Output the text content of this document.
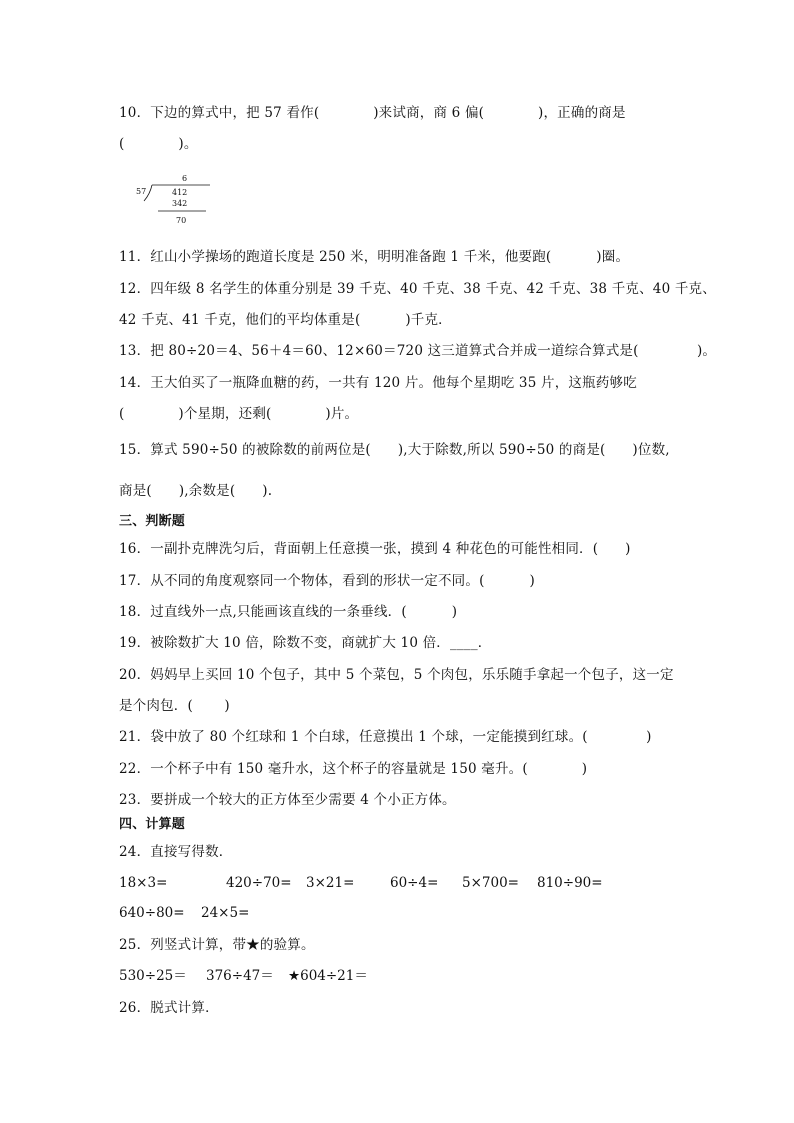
10．下边的算式中，把 57 看作(            )来试商，商 6 偏(            )，正确的商是
(            )。
6
57	412
342
70
11．红山小学操场的跑道长度是 250 米，明明准备跑 1 千米，他要跑(          )圈。
12．四年级 8 名学生的体重分别是 39 千克、40 千克、38 千克、42 千克、38 千克、40 千克、
42 千克、41 千克，他们的平均体重是(          )千克．
13．把 80÷20＝4、56＋4＝60、12×60＝720 这三道算式合并成一道综合算式是(             )。
14．王大伯买了一瓶降血糖的药，一共有 120 片。他每个星期吃 35 片，这瓶药够吃
(            )个星期，还剩(            )片。
15．算式 590÷50 的被除数的前两位是(      ),大于除数,所以 590÷50 的商是(      )位数,
商是(      ),余数是(      ).
三、判断题
16．一副扑克牌洗匀后，背面朝上任意摸一张，摸到 4 种花色的可能性相同．(      )
17．从不同的角度观察同一个物体，看到的形状一定不同。(          )
18．过直线外一点,只能画该直线的一条垂线．(          )
19．被除数扩大 10 倍，除数不变，商就扩大 10 倍．____．
20．妈妈早上买回 10 个包子，其中 5 个菜包，5 个肉包，乐乐随手拿起一个包子，这一定
是个肉包．(       )
21．袋中放了 80 个红球和 1 个白球，任意摸出 1 个球，一定能摸到红球。(             )
22．一个杯子中有 150 毫升水，这个杯子的容量就是 150 毫升。(            )
23．要拼成一个较大的正方体至少需要 4 个小正方体。
四、计算题
24．直接写得数．
18×3=	420÷70= 3×21=	60÷4= 5×700= 810÷90=
640÷80= 24×5=
25．列竖式计算，带★的验算。
530÷25＝ 376÷47＝ ★604÷21＝
26．脱式计算．
